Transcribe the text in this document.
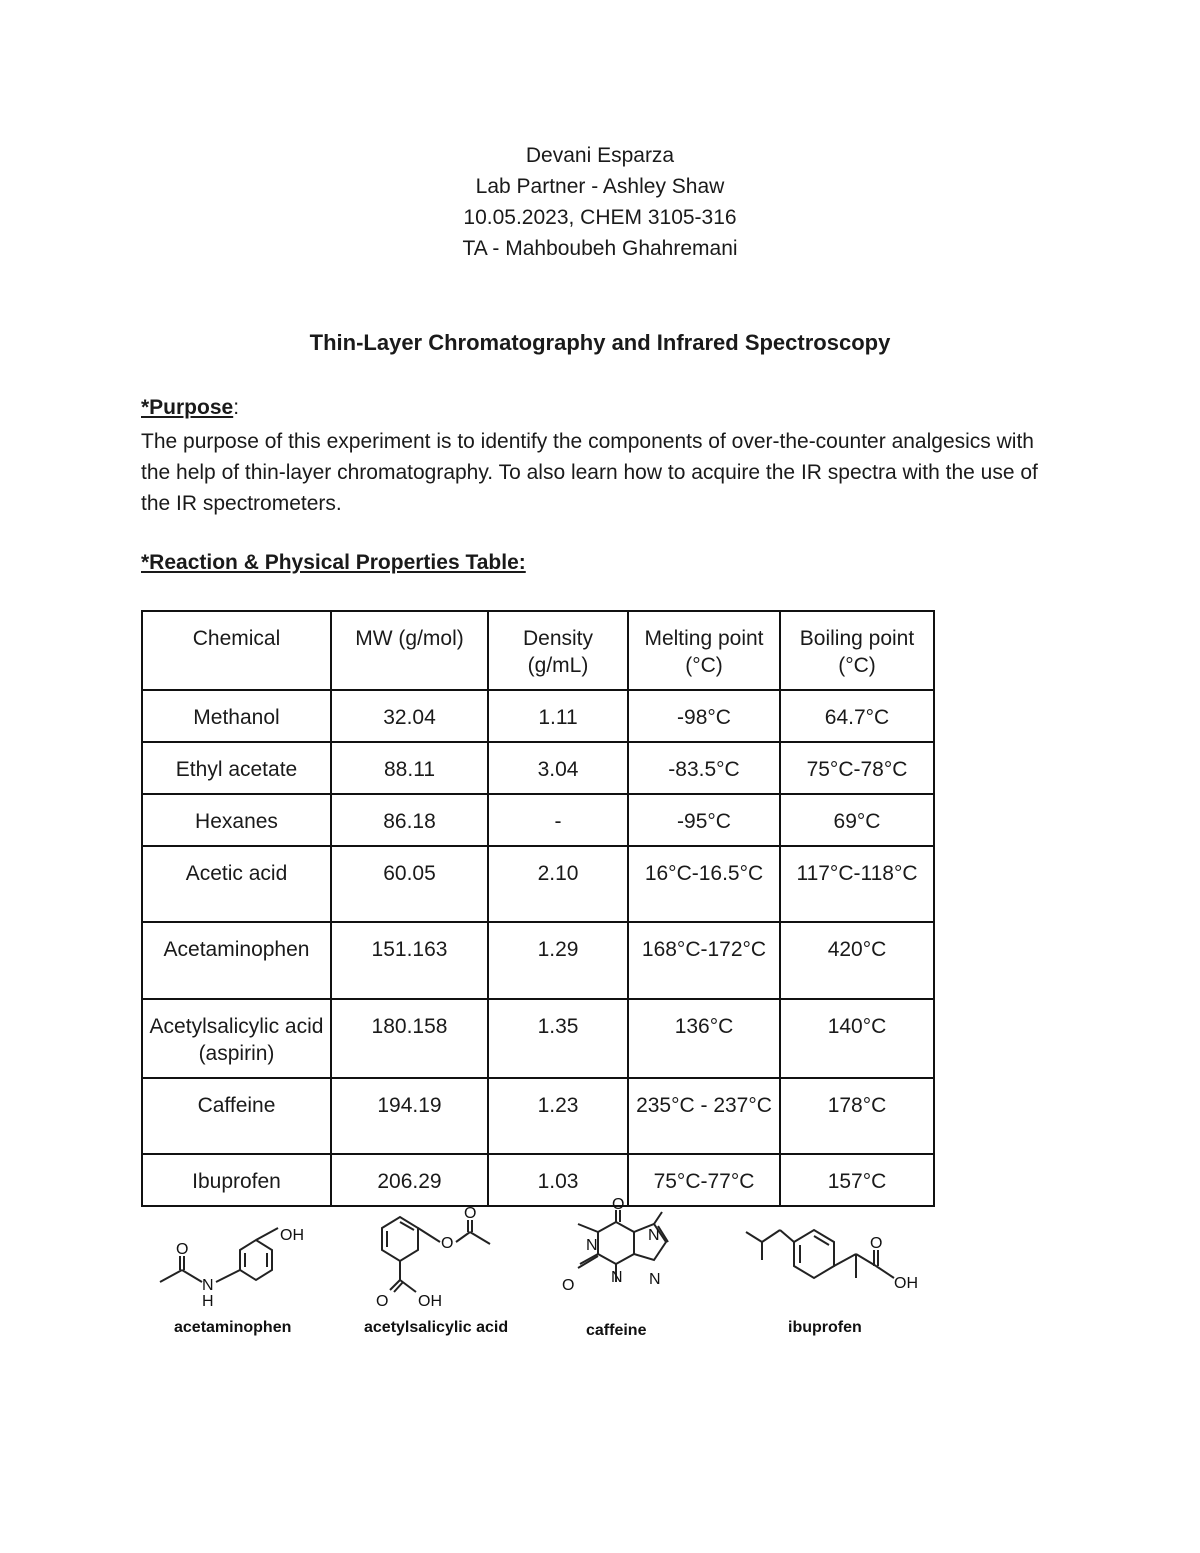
Devani Esparza
Lab Partner - Ashley Shaw
10.05.2023, CHEM 3105-316
TA - Mahboubeh Ghahremani
Thin-Layer Chromatography and Infrared Spectroscopy
*Purpose:
The purpose of this experiment is to identify the components of over-the-counter analgesics with the help of thin-layer chromatography. To also learn how to acquire the IR spectra with the use of the IR spectrometers.
*Reaction & Physical Properties Table:
Chemical	MW (g/mol)	Density (g/mL)	Melting point (°C)	Boiling point (°C)
Methanol	32.04	1.11	-98°C	64.7°C
Ethyl acetate	88.11	3.04	-83.5°C	75°C-78°C
Hexanes	86.18	-	-95°C	69°C
Acetic acid	60.05	2.10	16°C-16.5°C	117°C-118°C
Acetaminophen	151.163	1.29	168°C-172°C	420°C
Acetylsalicylic acid (aspirin)	180.158	1.35	136°C	140°C
Caffeine	194.19	1.23	235°C - 237°C	178°C
Ibuprofen	206.29	1.03	75°C-77°C	157°C
OH
O
N
H
O
O
O OH
O
N
O N
N
N
O
OH
acetaminophen	acetylsalicylic acid	caffeine	ibuprofen
